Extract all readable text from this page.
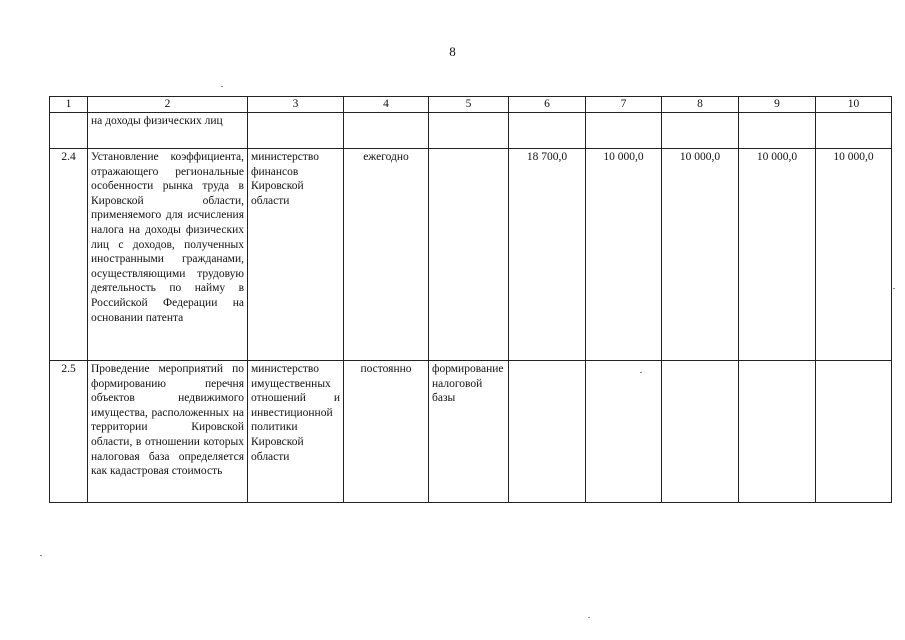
8
1	2	3	4	5	6	7	8	9	10
	на доходы физических лиц								
2.4	Установление коэффициента, отражающего региональные особенности рынка труда в Кировской области, применяемого для исчисления налога на доходы физических лиц с доходов, полученных иностранными гражданами, осуществляющими трудовую деятельность по найму в Российской Федерации на основании патента	министерство финансов Кировской области	ежегодно		18 700,0	10 000,0	10 000,0	10 000,0	10 000,0
2.5	Проведение мероприятий по формированию перечня объектов недвижимого имущества, расположенных на территории Кировской области, в отношении которых налоговая база определяется как кадастровая стоимость	министерство имущественных отношений и инвестиционной политики Кировской области	постоянно	формирование налоговой базы					
